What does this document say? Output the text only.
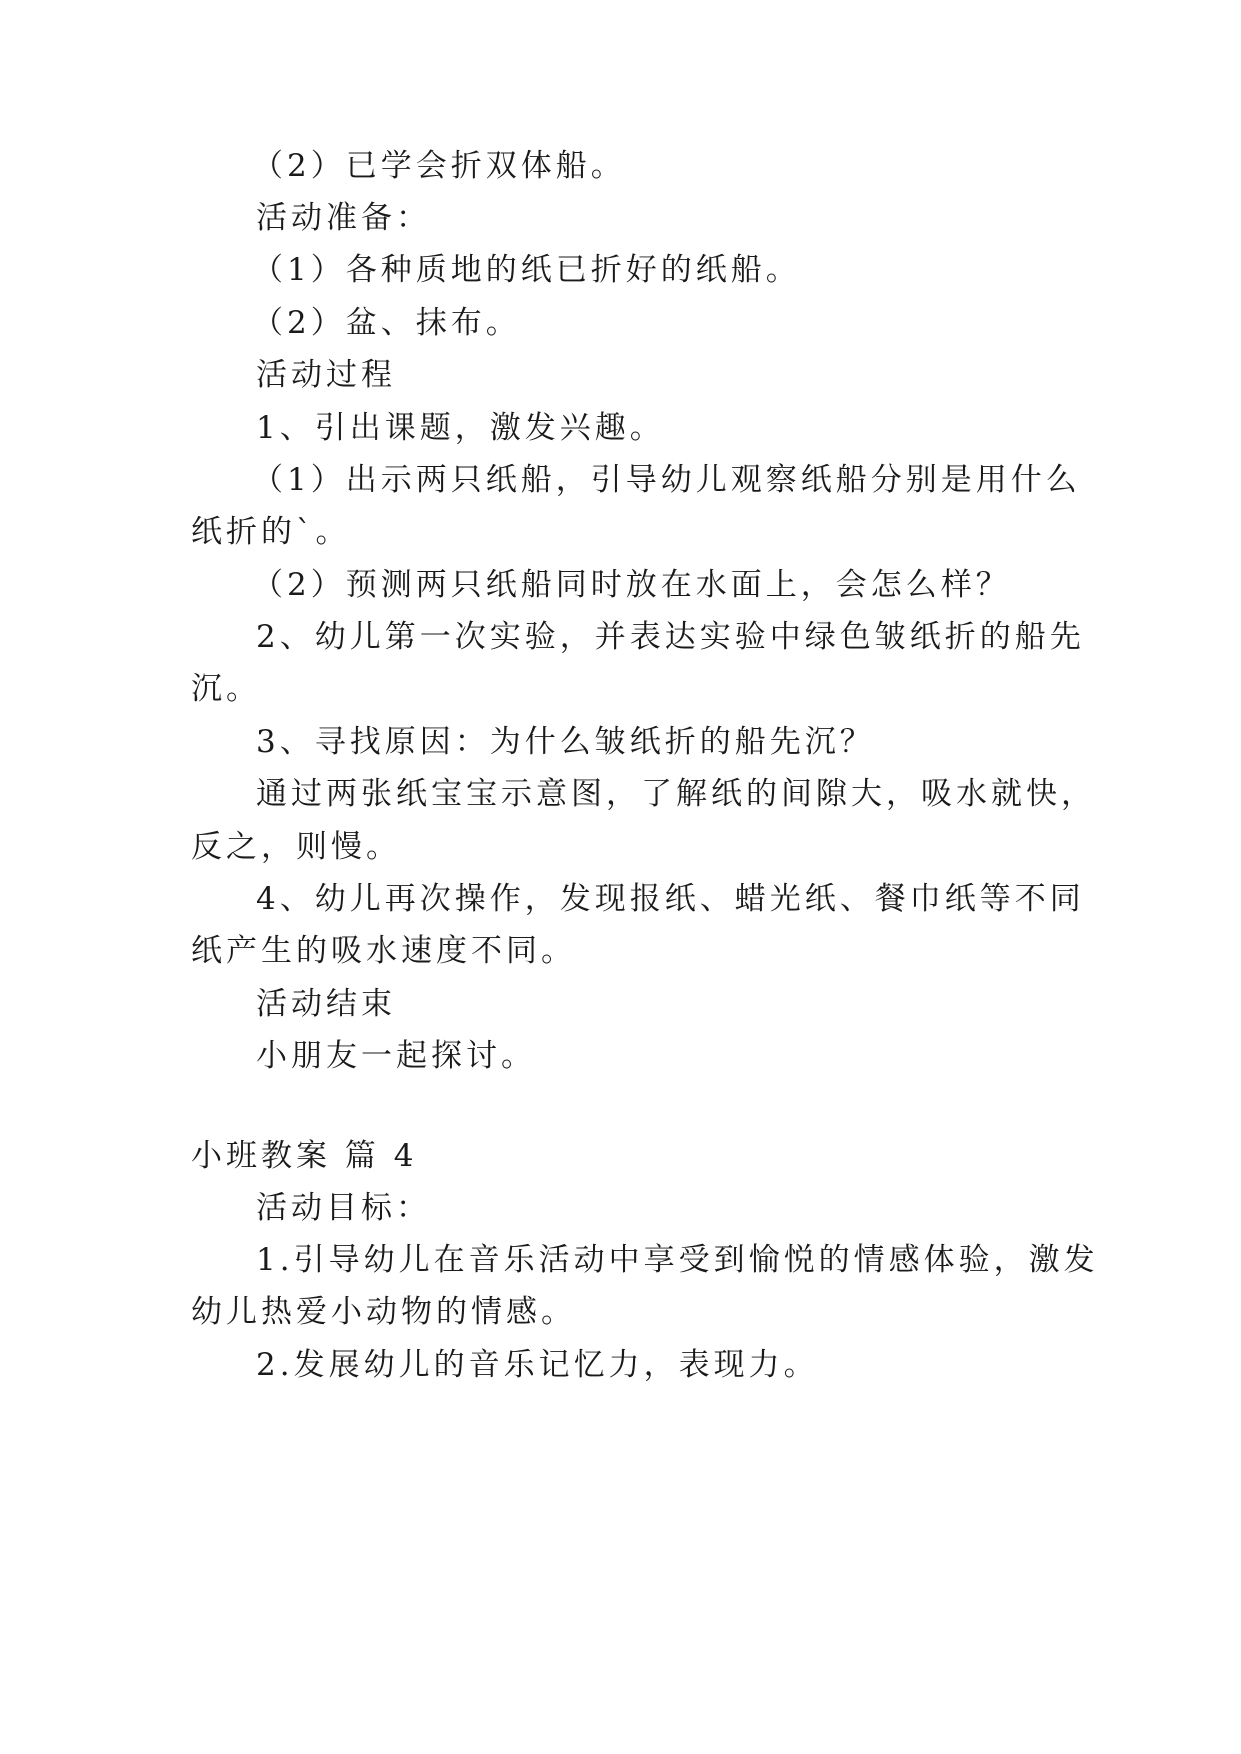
（2）已学会折双体船。
活动准备：
（1）各种质地的纸已折好的纸船。
（2）盆、抹布。
活动过程
1、引出课题，激发兴趣。
（1）出示两只纸船，引导幼儿观察纸船分别是用什么
纸折的`。
（2）预测两只纸船同时放在水面上，会怎么样？
2、幼儿第一次实验，并表达实验中绿色皱纸折的船先
沉。
3、寻找原因：为什么皱纸折的船先沉？
通过两张纸宝宝示意图，了解纸的间隙大，吸水就快，
反之，则慢。
4、幼儿再次操作，发现报纸、蜡光纸、餐巾纸等不同
纸产生的吸水速度不同。
活动结束
小朋友一起探讨。
小班教案 篇 4
活动目标：
1.引导幼儿在音乐活动中享受到愉悦的情感体验，激发
幼儿热爱小动物的情感。
2.发展幼儿的音乐记忆力，表现力。
